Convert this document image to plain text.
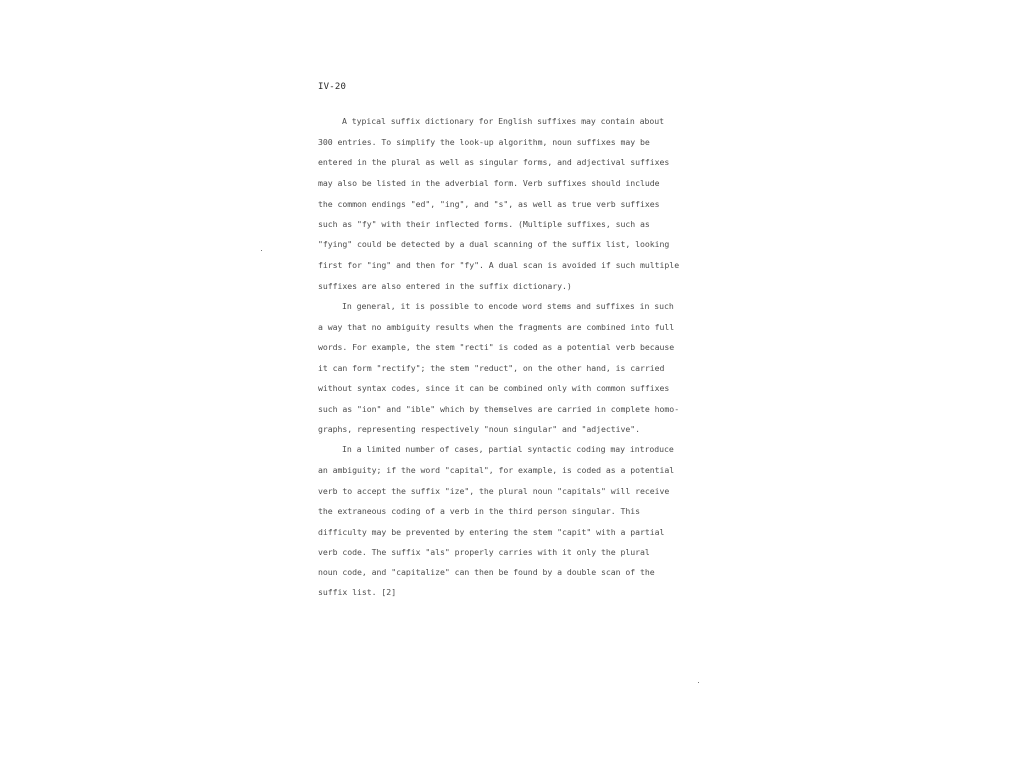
IV-20
A typical suffix dictionary for English suffixes may contain about
300 entries. To simplify the look-up algorithm, noun suffixes may be
entered in the plural as well as singular forms, and adjectival suffixes
may also be listed in the adverbial form. Verb suffixes should include
the common endings "ed", "ing", and "s", as well as true verb suffixes
such as "fy" with their inflected forms. (Multiple suffixes, such as
"fying" could be detected by a dual scanning of the suffix list, looking
first for "ing" and then for "fy". A dual scan is avoided if such multiple
suffixes are also entered in the suffix dictionary.)
In general, it is possible to encode word stems and suffixes in such
a way that no ambiguity results when the fragments are combined into full
words. For example, the stem "recti" is coded as a potential verb because
it can form "rectify"; the stem "reduct", on the other hand, is carried
without syntax codes, since it can be combined only with common suffixes
such as "ion" and "ible" which by themselves are carried in complete homo-
graphs, representing respectively "noun singular" and "adjective".
In a limited number of cases, partial syntactic coding may introduce
an ambiguity; if the word "capital", for example, is coded as a potential
verb to accept the suffix "ize", the plural noun "capitals" will receive
the extraneous coding of a verb in the third person singular. This
difficulty may be prevented by entering the stem "capit" with a partial
verb code. The suffix "als" properly carries with it only the plural
noun code, and "capitalize" can then be found by a double scan of the
suffix list. [2]
